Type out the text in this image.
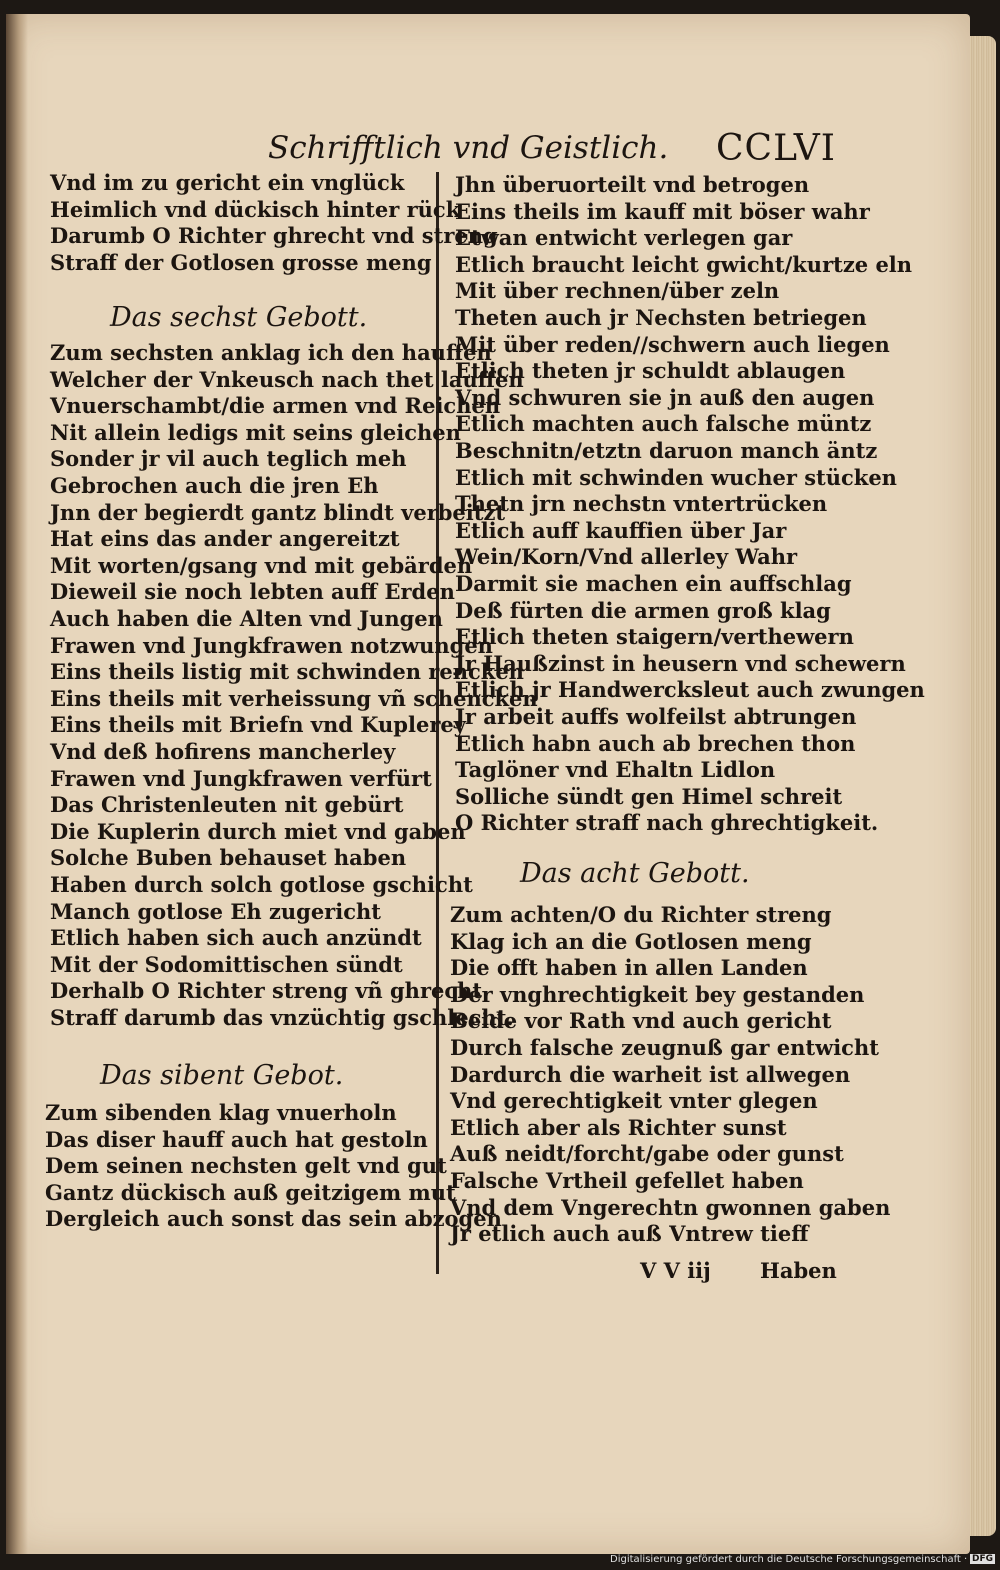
Schrifftlich vnd Geistlich. CCLVI
Vnd im zu gericht ein vnglück
Heimlich vnd dückisch hinter rück
Darumb O Richter ghrecht vnd streng
Straff der Gotlosen grosse meng
Das sechst Gebott.
Zum sechsten anklag ich den hauffen
Welcher der Vnkeusch nach thet lauffen
Vnuerschambt/die armen vnd Reichen
Nit allein ledigs mit seins gleichen
Sonder jr vil auch teglich meh
Gebrochen auch die jren Eh
Jnn der begierdt gantz blindt verbeitzt
Hat eins das ander angereitzt
Mit worten/gsang vnd mit gebärden
Dieweil sie noch lebten auff Erden
Auch haben die Alten vnd Jungen
Frawen vnd Jungkfrawen notzwungen
Eins theils listig mit schwinden rencken
Eins theils mit verheissung vñ schencken
Eins theils mit Briefn vnd Kuplerey
Vnd deß hofirens mancherley
Frawen vnd Jungkfrawen verfürt
Das Christenleuten nit gebürt
Die Kuplerin durch miet vnd gaben
Solche Buben behauset haben
Haben durch solch gotlose gschicht
Manch gotlose Eh zugericht
Etlich haben sich auch anzündt
Mit der Sodomittischen sündt
Derhalb O Richter streng vñ ghrecht
Straff darumb das vnzüchtig gschlecht.
Das sibent Gebot.
Zum sibenden klag vnuerholn
Das diser hauff auch hat gestoln
Dem seinen nechsten gelt vnd gut
Gantz dückisch auß geitzigem mut
Dergleich auch sonst das sein abzogen
Jhn überuorteilt vnd betrogen
Eins theils im kauff mit böser wahr
Etwan entwicht verlegen gar
Etlich braucht leicht gwicht/kurtze eln
Mit über rechnen/über zeln
Theten auch jr Nechsten betriegen
Mit über reden//schwern auch liegen
Etlich theten jr schuldt ablaugen
Vnd schwuren sie jn auß den augen
Etlich machten auch falsche müntz
Beschnitn/etztn daruon manch äntz
Etlich mit schwinden wucher stücken
Thetn jrn nechstn vntertrücken
Etlich auff kauffien über Jar
Wein/Korn/Vnd allerley Wahr
Darmit sie machen ein auffschlag
Deß fürten die armen groß klag
Etlich theten staigern/verthewern
Jr Haußzinst in heusern vnd schewern
Etlich jr Handwercksleut auch zwungen
Jr arbeit auffs wolfeilst abtrungen
Etlich habn auch ab brechen thon
Taglöner vnd Ehaltn Lidlon
Solliche sündt gen Himel schreit
O Richter straff nach ghrechtigkeit.
Das acht Gebott.
Zum achten/O du Richter streng
Klag ich an die Gotlosen meng
Die offt haben in allen Landen
Der vnghrechtigkeit bey gestanden
Beide vor Rath vnd auch gericht
Durch falsche zeugnuß gar entwicht
Dardurch die warheit ist allwegen
Vnd gerechtigkeit vnter glegen
Etlich aber als Richter sunst
Auß neidt/forcht/gabe oder gunst
Falsche Vrtheil gefellet haben
Vnd dem Vngerechtn gwonnen gaben
Jr etlich auch auß Vntrew tieff
V V iij Haben
Digitalisierung gefördert durch die Deutsche Forschungsgemeinschaft · DFG
